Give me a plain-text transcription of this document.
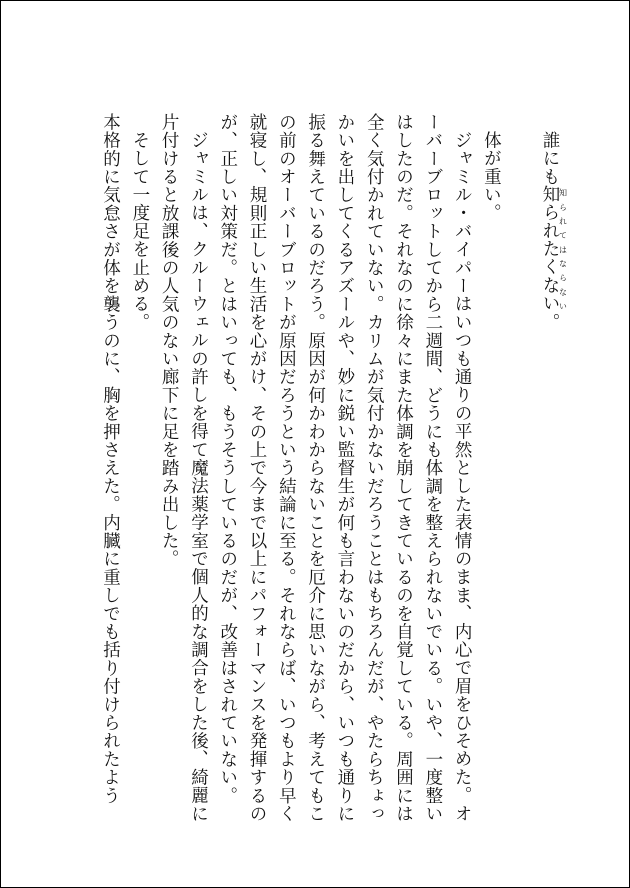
誰にも知られたくない知られてはならない。

体が重い。
ジャミル・バイパーはいつも通りの平然とした表情のまま、内心で眉をひそめた。オ
ーバーブロットしてから二週間、どうにも体調を整えられないでいる。いや、一度整い
はしたのだ。それなのに徐々にまた体調を崩してきているのを自覚している。周囲には
全く気付かれていない。カリムが気付かないだろうことはもちろんだが、やたらちょっ
かいを出してくるアズールや、妙に鋭い監督生が何も言わないのだから、いつも通りに
振る舞えているのだろう。原因が何かわからないことを厄介に思いながら、考えてもこ
の前のオーバーブロットが原因だろうという結論に至る。それならば、いつもより早く
就寝し、規則正しい生活を心がけ、その上で今まで以上にパフォーマンスを発揮するの
が、正しい対策だ。とはいっても、もうそうしているのだが、改善はされていない。
ジャミルは、クルーウェルの許しを得て魔法薬学室で個人的な調合をした後、綺麗に
片付けると放課後の人気のない廊下に足を踏み出した。
そして一度足を止める。
本格的に気怠さが体を襲うのに、胸を押さえた。内臓に重しでも括り付けられたよう
